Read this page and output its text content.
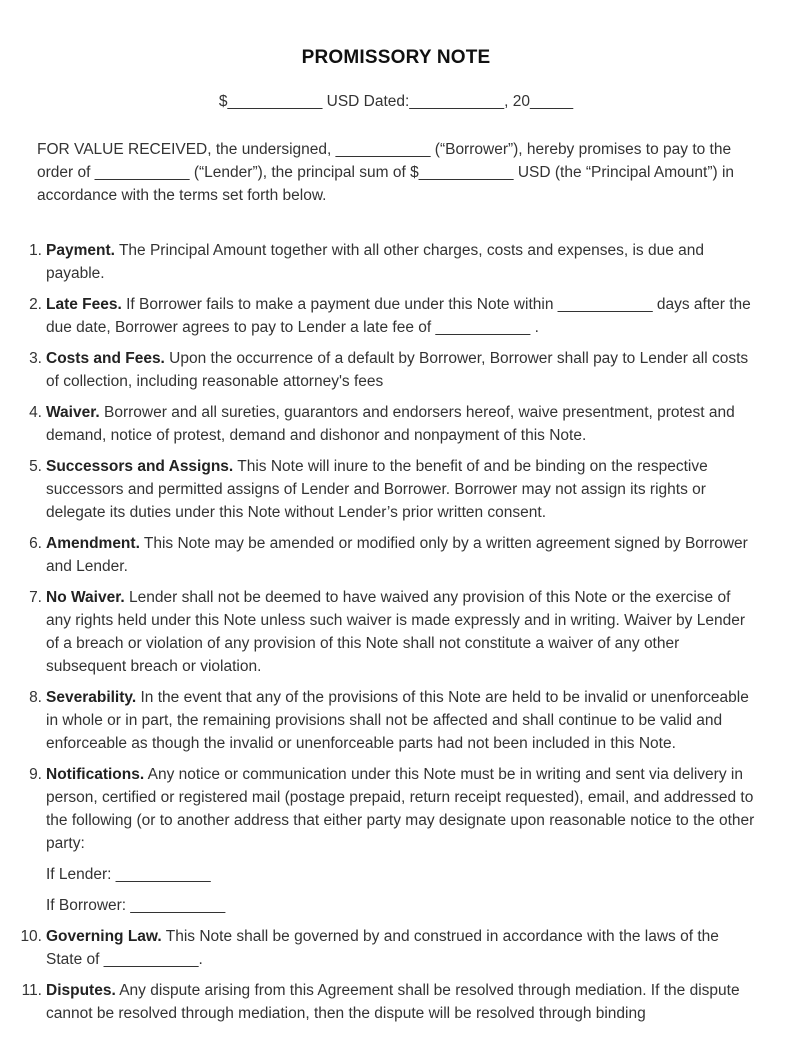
PROMISSORY NOTE

$___________ USD Dated:___________, 20_____

FOR VALUE RECEIVED, the undersigned, ___________ (“Borrower”), hereby promises to pay to the order of ___________ (“Lender”), the principal sum of $___________ USD (the “Principal Amount”) in accordance with the terms set forth below.

1. Payment. The Principal Amount together with all other charges, costs and expenses, is due and payable.
2. Late Fees. If Borrower fails to make a payment due under this Note within ___________ days after the due date, Borrower agrees to pay to Lender a late fee of ___________ .
3. Costs and Fees. Upon the occurrence of a default by Borrower, Borrower shall pay to Lender all costs of collection, including reasonable attorney's fees
4. Waiver. Borrower and all sureties, guarantors and endorsers hereof, waive presentment, protest and demand, notice of protest, demand and dishonor and nonpayment of this Note.
5. Successors and Assigns. This Note will inure to the benefit of and be binding on the respective successors and permitted assigns of Lender and Borrower. Borrower may not assign its rights or delegate its duties under this Note without Lender’s prior written consent.
6. Amendment. This Note may be amended or modified only by a written agreement signed by Borrower and Lender.
7. No Waiver. Lender shall not be deemed to have waived any provision of this Note or the exercise of any rights held under this Note unless such waiver is made expressly and in writing. Waiver by Lender of a breach or violation of any provision of this Note shall not constitute a waiver of any other subsequent breach or violation.
8. Severability. In the event that any of the provisions of this Note are held to be invalid or unenforceable in whole or in part, the remaining provisions shall not be affected and shall continue to be valid and enforceable as though the invalid or unenforceable parts had not been included in this Note.
9. Notifications. Any notice or communication under this Note must be in writing and sent via delivery in person, certified or registered mail (postage prepaid, return receipt requested), email, and addressed to the following (or to another address that either party may designate upon reasonable notice to the other party:
If Lender: ___________
If Borrower: ___________
10. Governing Law. This Note shall be governed by and construed in accordance with the laws of the State of ___________.
11. Disputes. Any dispute arising from this Agreement shall be resolved through mediation. If the dispute cannot be resolved through mediation, then the dispute will be resolved through binding
